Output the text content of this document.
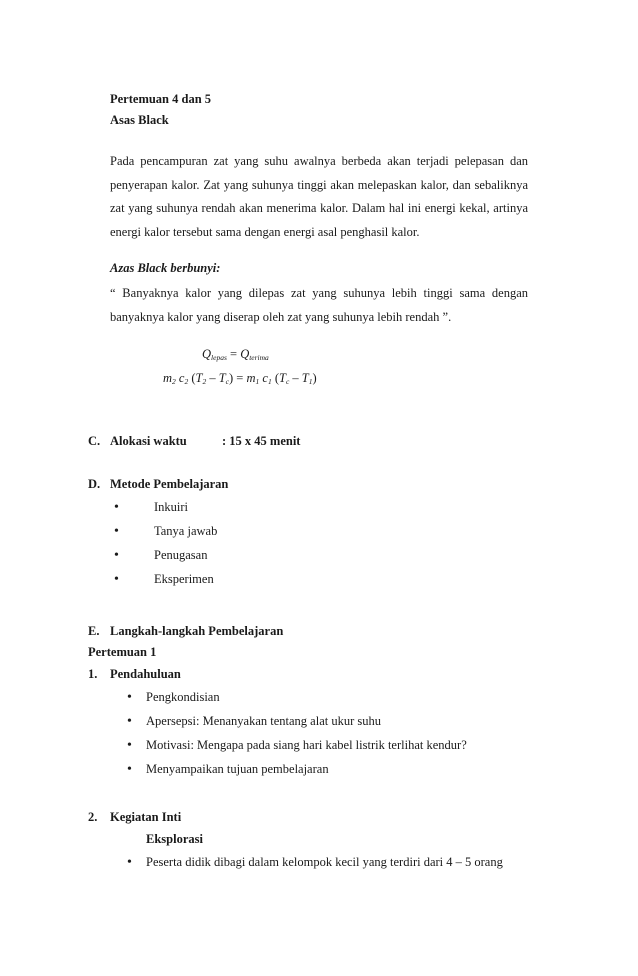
Pertemuan 4 dan 5
Asas Black
Pada pencampuran zat yang suhu awalnya berbeda akan terjadi pelepasan dan penyerapan kalor. Zat yang suhunya tinggi akan melepaskan kalor, dan sebaliknya zat yang suhunya rendah akan menerima kalor. Dalam hal ini energi kekal, artinya energi kalor tersebut sama dengan energi asal penghasil kalor.
Azas Black berbunyi:
“ Banyaknya kalor yang dilepas zat yang suhunya lebih tinggi sama dengan banyaknya kalor yang diserap oleh zat yang suhunya lebih rendah ”.
$Q_{lepas} = Q_{terima}$
$m_2$ $c_2$ $(T_2 - T_c) = m_1$ $c_1$ $(T_c - T_1)$
C. Alokasi waktu	: 15 x 45 menit
D. Metode Pembelajaran
•	Inkuiri
•	Tanya jawab
•	Penugasan
•	Eksperimen
E. Langkah-langkah Pembelajaran
Pertemuan 1
1. Pendahuluan
• Pengkondisian
• Apersepsi: Menanyakan tentang alat ukur suhu
• Motivasi: Mengapa pada siang hari kabel listrik terlihat kendur?
• Menyampaikan tujuan pembelajaran
2. Kegiatan Inti
Eksplorasi
• Peserta didik dibagi dalam kelompok kecil yang terdiri dari 4 – 5 orang
